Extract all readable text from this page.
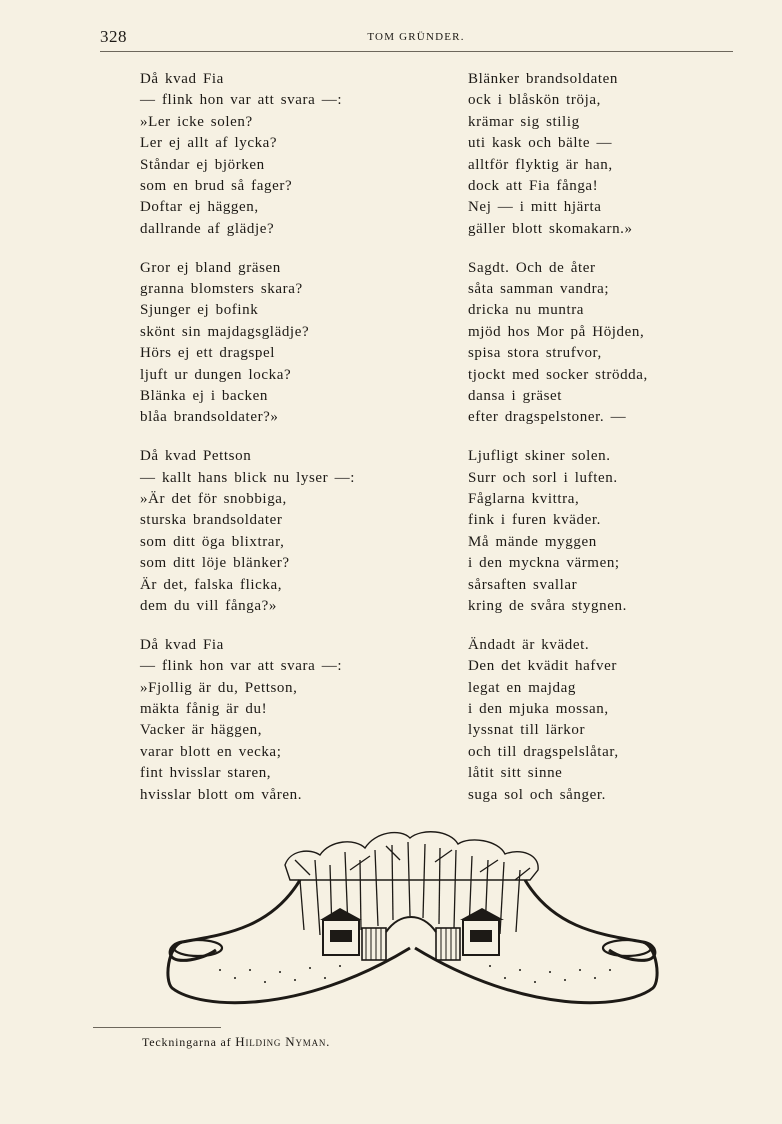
328	TOM GRÜNDER.
Då kvad Fia
— flink hon var att svara —:
»Ler icke solen?
Ler ej allt af lycka?
Ståndar ej björken
som en brud så fager?
Doftar ej häggen,
dallrande af glädje?
Gror ej bland gräsen
granna blomsters skara?
Sjunger ej bofink
skönt sin majdagsglädje?
Hörs ej ett dragspel
ljuft ur dungen locka?
Blänka ej i backen
blåa brandsoldater?»
Då kvad Pettson
— kallt hans blick nu lyser —:
»Är det för snobbiga,
sturska brandsoldater
som ditt öga blixtrar,
som ditt löje blänker?
Är det, falska flicka,
dem du vill fånga?»
Då kvad Fia
— flink hon var att svara —:
»Fjollig är du, Pettson,
mäkta fånig är du!
Vacker är häggen,
varar blott en vecka;
fint hvisslar staren,
hvisslar blott om våren.
Blänker brandsoldaten
ock i blåskön tröja,
krämar sig stilig
uti kask och bälte —
alltför flyktig är han,
dock att Fia fånga!
Nej — i mitt hjärta
gäller blott skomakarn.»
Sagdt. Och de åter
såta samman vandra;
dricka nu muntra
mjöd hos Mor på Höjden,
spisa stora strufvor,
tjockt med socker strödda,
dansa i gräset
efter dragspelstoner. —
Ljufligt skiner solen.
Surr och sorl i luften.
Fåglarna kvittra,
fink i furen kväder.
Må mände myggen
i den myckna värmen;
sårsaften svallar
kring de svåra stygnen.
Ändadt är kvädet.
Den det kvädit hafver
legat en majdag
i den mjuka mossan,
lyssnat till lärkor
och till dragspelslåtar,
låtit sitt sinne
suga sol och sånger.
Teckningarna af Hilding Nyman.
